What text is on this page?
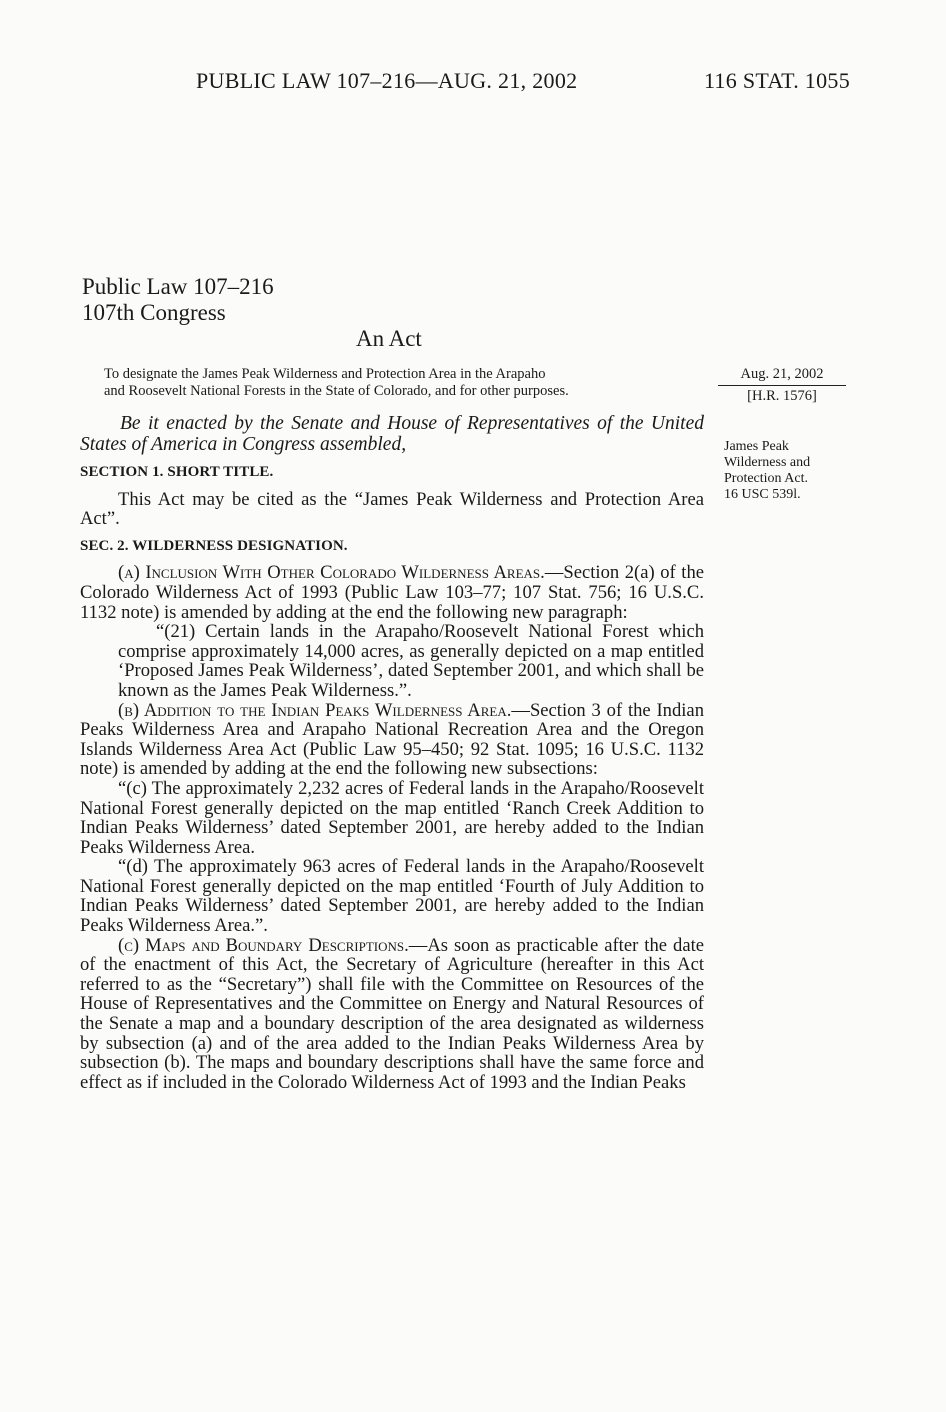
PUBLIC LAW 107–216—AUG. 21, 2002	116 STAT. 1055
Public Law 107–216
107th Congress
An Act
To designate the James Peak Wilderness and Protection Area in the Arapaho
and Roosevelt National Forests in the State of Colorado, and for other purposes.
Aug. 21, 2002
[H.R. 1576]
James Peak
Wilderness and
Protection Act.
16 USC 539l.

Be it enacted by the Senate and House of Representatives of the United States of America in Congress assembled,

SECTION 1. SHORT TITLE.

This Act may be cited as the “James Peak Wilderness and Protection Area Act”.

SEC. 2. WILDERNESS DESIGNATION.

(a) Inclusion With Other Colorado Wilderness Areas.—Section 2(a) of the Colorado Wilderness Act of 1993 (Public Law 103–77; 107 Stat. 756; 16 U.S.C. 1132 note) is amended by adding at the end the following new paragraph:

“(21) Certain lands in the Arapaho/Roosevelt National Forest which comprise approximately 14,000 acres, as generally depicted on a map entitled ‘Proposed James Peak Wilderness’, dated September 2001, and which shall be known as the James Peak Wilderness.”.

(b) Addition to the Indian Peaks Wilderness Area.—Section 3 of the Indian Peaks Wilderness Area and Arapaho National Recreation Area and the Oregon Islands Wilderness Area Act (Public Law 95–450; 92 Stat. 1095; 16 U.S.C. 1132 note) is amended by adding at the end the following new subsections:

“(c) The approximately 2,232 acres of Federal lands in the Arapaho/Roosevelt National Forest generally depicted on the map entitled ‘Ranch Creek Addition to Indian Peaks Wilderness’ dated September 2001, are hereby added to the Indian Peaks Wilderness Area.

“(d) The approximately 963 acres of Federal lands in the Arapaho/Roosevelt National Forest generally depicted on the map entitled ‘Fourth of July Addition to Indian Peaks Wilderness’ dated September 2001, are hereby added to the Indian Peaks Wilderness Area.”.

(c) Maps and Boundary Descriptions.—As soon as practicable after the date of the enactment of this Act, the Secretary of Agriculture (hereafter in this Act referred to as the “Secretary”) shall file with the Committee on Resources of the House of Representatives and the Committee on Energy and Natural Resources of the Senate a map and a boundary description of the area designated as wilderness by subsection (a) and of the area added to the Indian Peaks Wilderness Area by subsection (b). The maps and boundary descriptions shall have the same force and effect as if included in the Colorado Wilderness Act of 1993 and the Indian Peaks
